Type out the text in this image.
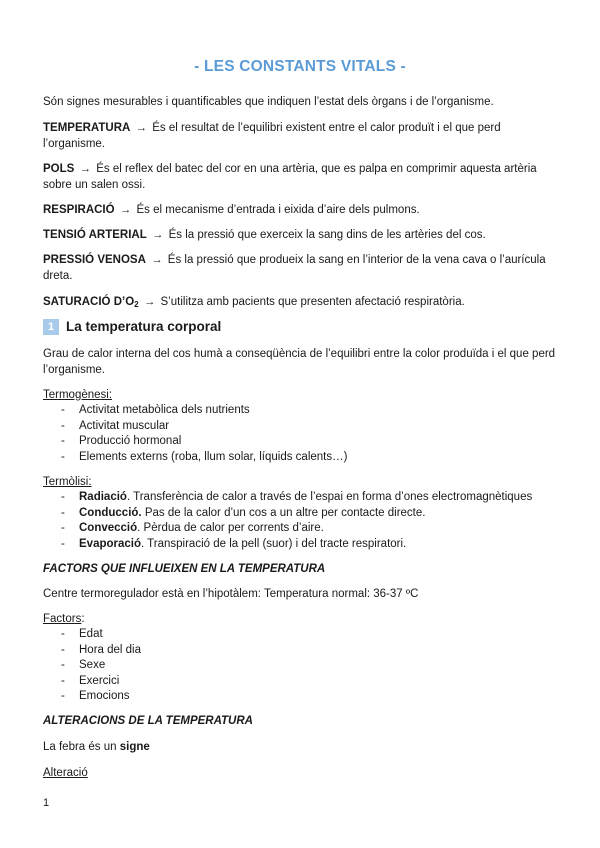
- LES CONSTANTS VITALS -
Són signes mesurables i quantificables que indiquen l’estat dels òrgans i de l’organisme.
TEMPERATURA → És el resultat de l’equilibri existent entre el calor produït i el que perd l’organisme.
POLS → És el reflex del batec del cor en una artèria, que es palpa en comprimir aquesta artèria sobre un salen ossi.
RESPIRACIÓ → És el mecanisme d’entrada i eixida d’aire dels pulmons.
TENSIÓ ARTERIAL → És la pressió que exerceix la sang dins de les artèries del cos.
PRESSIÓ VENOSA → És la pressió que produeix la sang en l’interior de la vena cava o l’aurícula dreta.
SATURACIÓ $D’O_2$ → S’utilitza amb pacients que presenten afectació respiratòria.
1 La temperatura corporal
Grau de calor interna del cos humà a conseqüència de l’equilibri entre la color produïda i el que perd l’organisme.
Termogènesi:
- Activitat metabòlica dels nutrients
- Activitat muscular
- Producció hormonal
- Elements externs (roba, llum solar, líquids calents…)
Termòlisi:
- Radiació. Transferència de calor a través de l’espai en forma d’ones electromagnètiques
- Conducció. Pas de la calor d’un cos a un altre per contacte directe.
- Convecció. Pèrdua de calor per corrents d’aire.
- Evaporació. Transpiració de la pell (suor) i del tracte respiratori.
FACTORS QUE INFLUEIXEN EN LA TEMPERATURA
Centre termoregulador està en l’hipotàlem: Temperatura normal: 36-37 ºC
Factors:
- Edat
- Hora del dia
- Sexe
- Exercici
- Emocions
ALTERACIONS DE LA TEMPERATURA
La febra és un signe
Alteració
1
